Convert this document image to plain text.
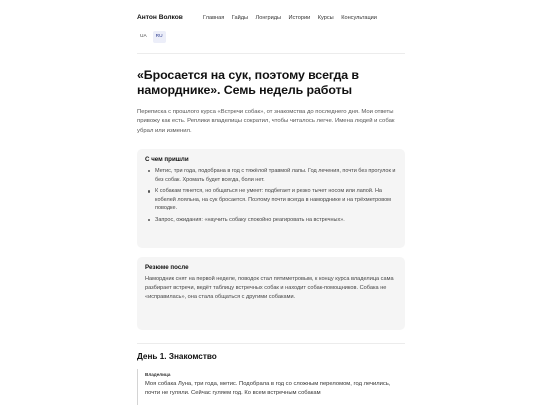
Антон Волков	Главная Гайды Лонгриды Истории Курсы Консультации
UA	RU
«Бросается на сук, поэтому всегда в наморднике». Семь недель работы

Переписка с прошлого курса «Встречи собак», от знакомства до последнего дня. Мои ответы привожу как есть. Реплики владелицы сократил, чтобы читалось легче. Имена людей и собак убрал или изменил.

С чем пришли
Метис, три года, подобрана в год с тяжёлой травмой лапы. Год лечения, почти без прогулок и без собак. Хромать будет всегда, боли нет.
К собакам тянется, но общаться не умеет: подбегает и резко тычет носом или лапой. На кобелей лояльна, на сук бросается. Поэтому почти всегда в наморднике и на трёхметровом поводке.
Запрос, ожидания: «научить собаку спокойно реагировать на встречных».
Резюме после

Намордник снят на первой неделе, поводок стал пятиметровым, к концу курса владелица сама разбирает встречи, ведёт таблицу встречных собак и находит собак-помощников. Собака не «исправилась», она стала общаться с другими собаками.

День 1. Знакомство
Владелица
Моя собака Луна, три года, метис. Подобрала в год со сложным переломом, год лечились, почти не гуляли. Сейчас гуляем год. Ко всем встречным собакам
